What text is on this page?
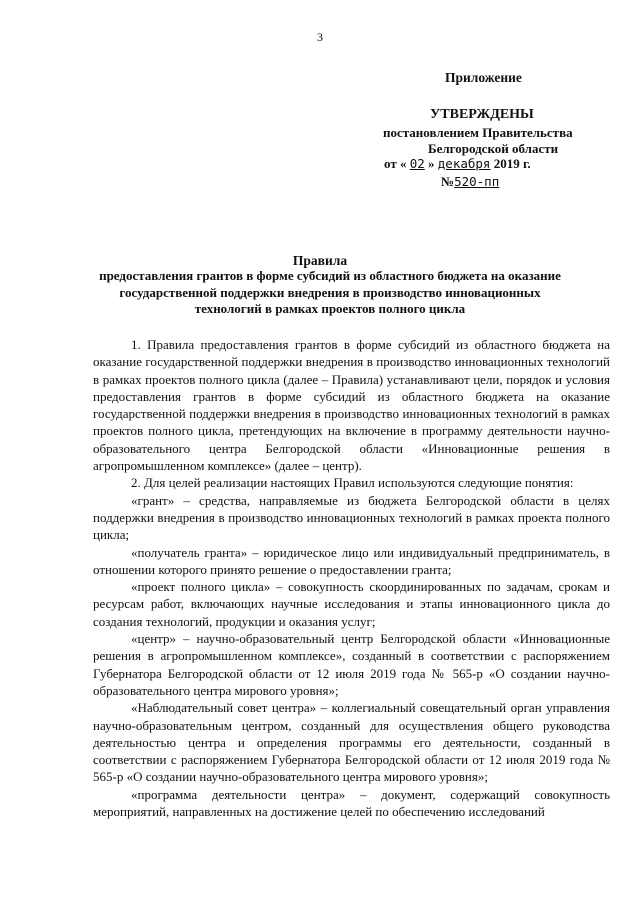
3
Приложение
УТВЕРЖДЕНЫ
постановлением Правительства
Белгородской области
от « 02 » декабря 2019 г.
№520-пп
Правила
предоставления грантов в форме субсидий из областного бюджета на оказание государственной поддержки внедрения в производство инновационных технологий в рамках проектов полного цикла

1. Правила предоставления грантов в форме субсидий из областного бюджета на оказание государственной поддержки внедрения в производство инновационных технологий в рамках проектов полного цикла (далее – Правила) устанавливают цели, порядок и условия предоставления грантов в форме субсидий из областного бюджета на оказание государственной поддержки внедрения в производство инновационных технологий в рамках проектов полного цикла, претендующих на включение в программу деятельности научно-образовательного центра Белгородской области «Инновационные решения в агропромышленном комплексе» (далее – центр).

2. Для целей реализации настоящих Правил используются следующие понятия:

«грант» – средства, направляемые из бюджета Белгородской области в целях поддержки внедрения в производство инновационных технологий в рамках проекта полного цикла;

«получатель гранта» – юридическое лицо или индивидуальный предприниматель, в отношении которого принято решение о предоставлении гранта;

«проект полного цикла» – совокупность скоординированных по задачам, срокам и ресурсам работ, включающих научные исследования и этапы инновационного цикла до создания технологий, продукции и оказания услуг;

«центр» – научно-образовательный центр Белгородской области «Инновационные решения в агропромышленном комплексе», созданный в соответствии с распоряжением Губернатора Белгородской области от 12 июля 2019 года № 565-р «О создании научно-образовательного центра мирового уровня»;

«Наблюдательный совет центра» – коллегиальный совещательный орган управления научно-образовательным центром, созданный для осуществления общего руководства деятельностью центра и определения программы его деятельности, созданный в соответствии с распоряжением Губернатора Белгородской области от 12 июля 2019 года № 565-р «О создании научно-образовательного центра мирового уровня»;

«программа деятельности центра» – документ, содержащий совокупность мероприятий, направленных на достижение целей по обеспечению исследований
